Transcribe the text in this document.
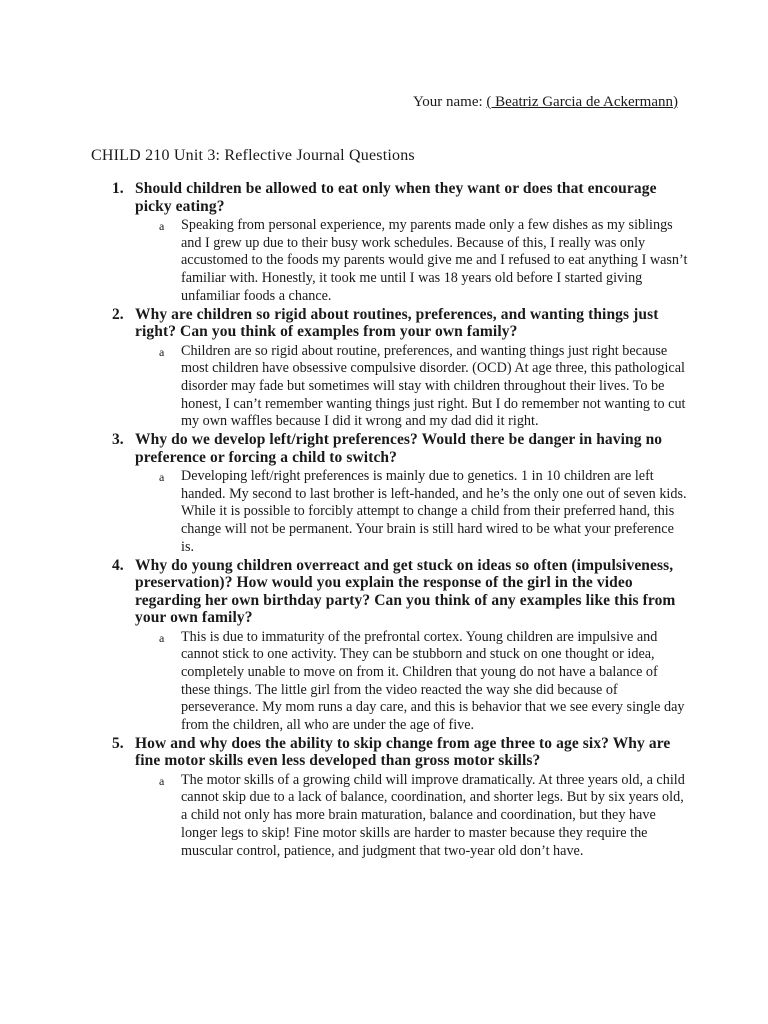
Your name: ( Beatriz Garcia de Ackermann)
CHILD 210 Unit 3: Reflective Journal Questions
1. Should children be allowed to eat only when they want or does that encourage picky eating?
a Speaking from personal experience, my parents made only a few dishes as my siblings and I grew up due to their busy work schedules. Because of this, I really was only accustomed to the foods my parents would give me and I refused to eat anything I wasn’t familiar with. Honestly, it took me until I was 18 years old before I started giving unfamiliar foods a chance.
2. Why are children so rigid about routines, preferences, and wanting things just right? Can you think of examples from your own family?
a Children are so rigid about routine, preferences, and wanting things just right because most children have obsessive compulsive disorder. (OCD) At age three, this pathological disorder may fade but sometimes will stay with children throughout their lives. To be honest, I can’t remember wanting things just right. But I do remember not wanting to cut my own waffles because I did it wrong and my dad did it right.
3. Why do we develop left/right preferences? Would there be danger in having no preference or forcing a child to switch?
a Developing left/right preferences is mainly due to genetics. 1 in 10 children are left handed. My second to last brother is left-handed, and he’s the only one out of seven kids. While it is possible to forcibly attempt to change a child from their preferred hand, this change will not be permanent. Your brain is still hard wired to be what your preference is.
4. Why do young children overreact and get stuck on ideas so often (impulsiveness, preservation)? How would you explain the response of the girl in the video regarding her own birthday party? Can you think of any examples like this from your own family?
a This is due to immaturity of the prefrontal cortex. Young children are impulsive and cannot stick to one activity. They can be stubborn and stuck on one thought or idea, completely unable to move on from it. Children that young do not have a balance of these things. The little girl from the video reacted the way she did because of perseverance. My mom runs a day care, and this is behavior that we see every single day from the children, all who are under the age of five.
5. How and why does the ability to skip change from age three to age six? Why are fine motor skills even less developed than gross motor skills?
a The motor skills of a growing child will improve dramatically. At three years old, a child cannot skip due to a lack of balance, coordination, and shorter legs. But by six years old, a child not only has more brain maturation, balance and coordination, but they have longer legs to skip! Fine motor skills are harder to master because they require the muscular control, patience, and judgment that two-year old don’t have.
